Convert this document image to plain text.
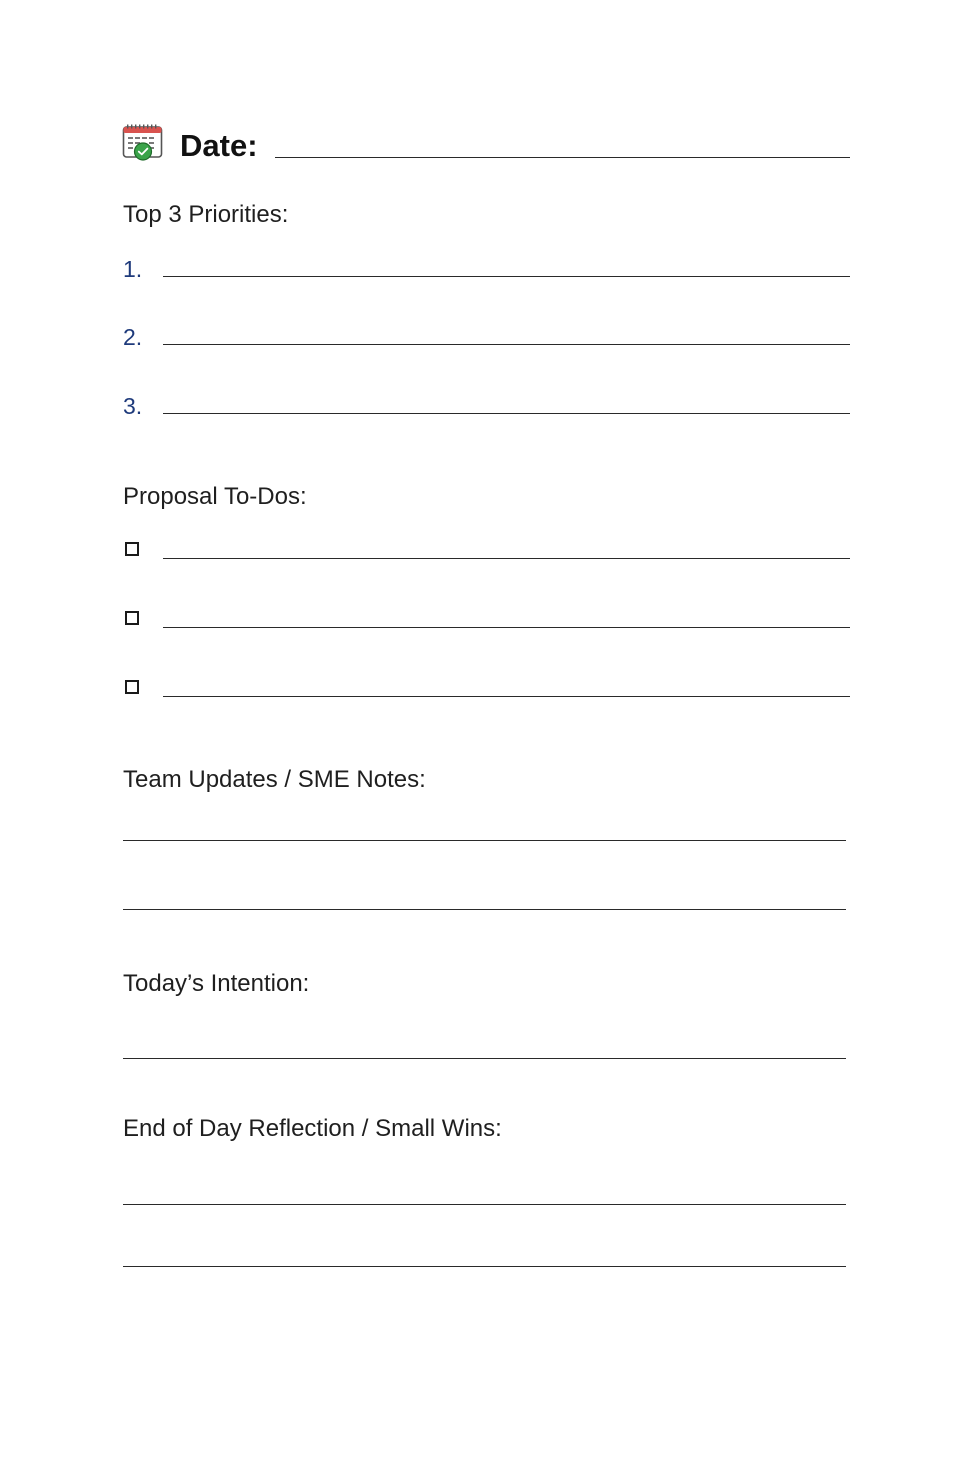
Date:
Top 3 Priorities:
1.
2.
3.
Proposal To-Dos:
Team Updates / SME Notes:
Today’s Intention:
End of Day Reflection / Small Wins:
